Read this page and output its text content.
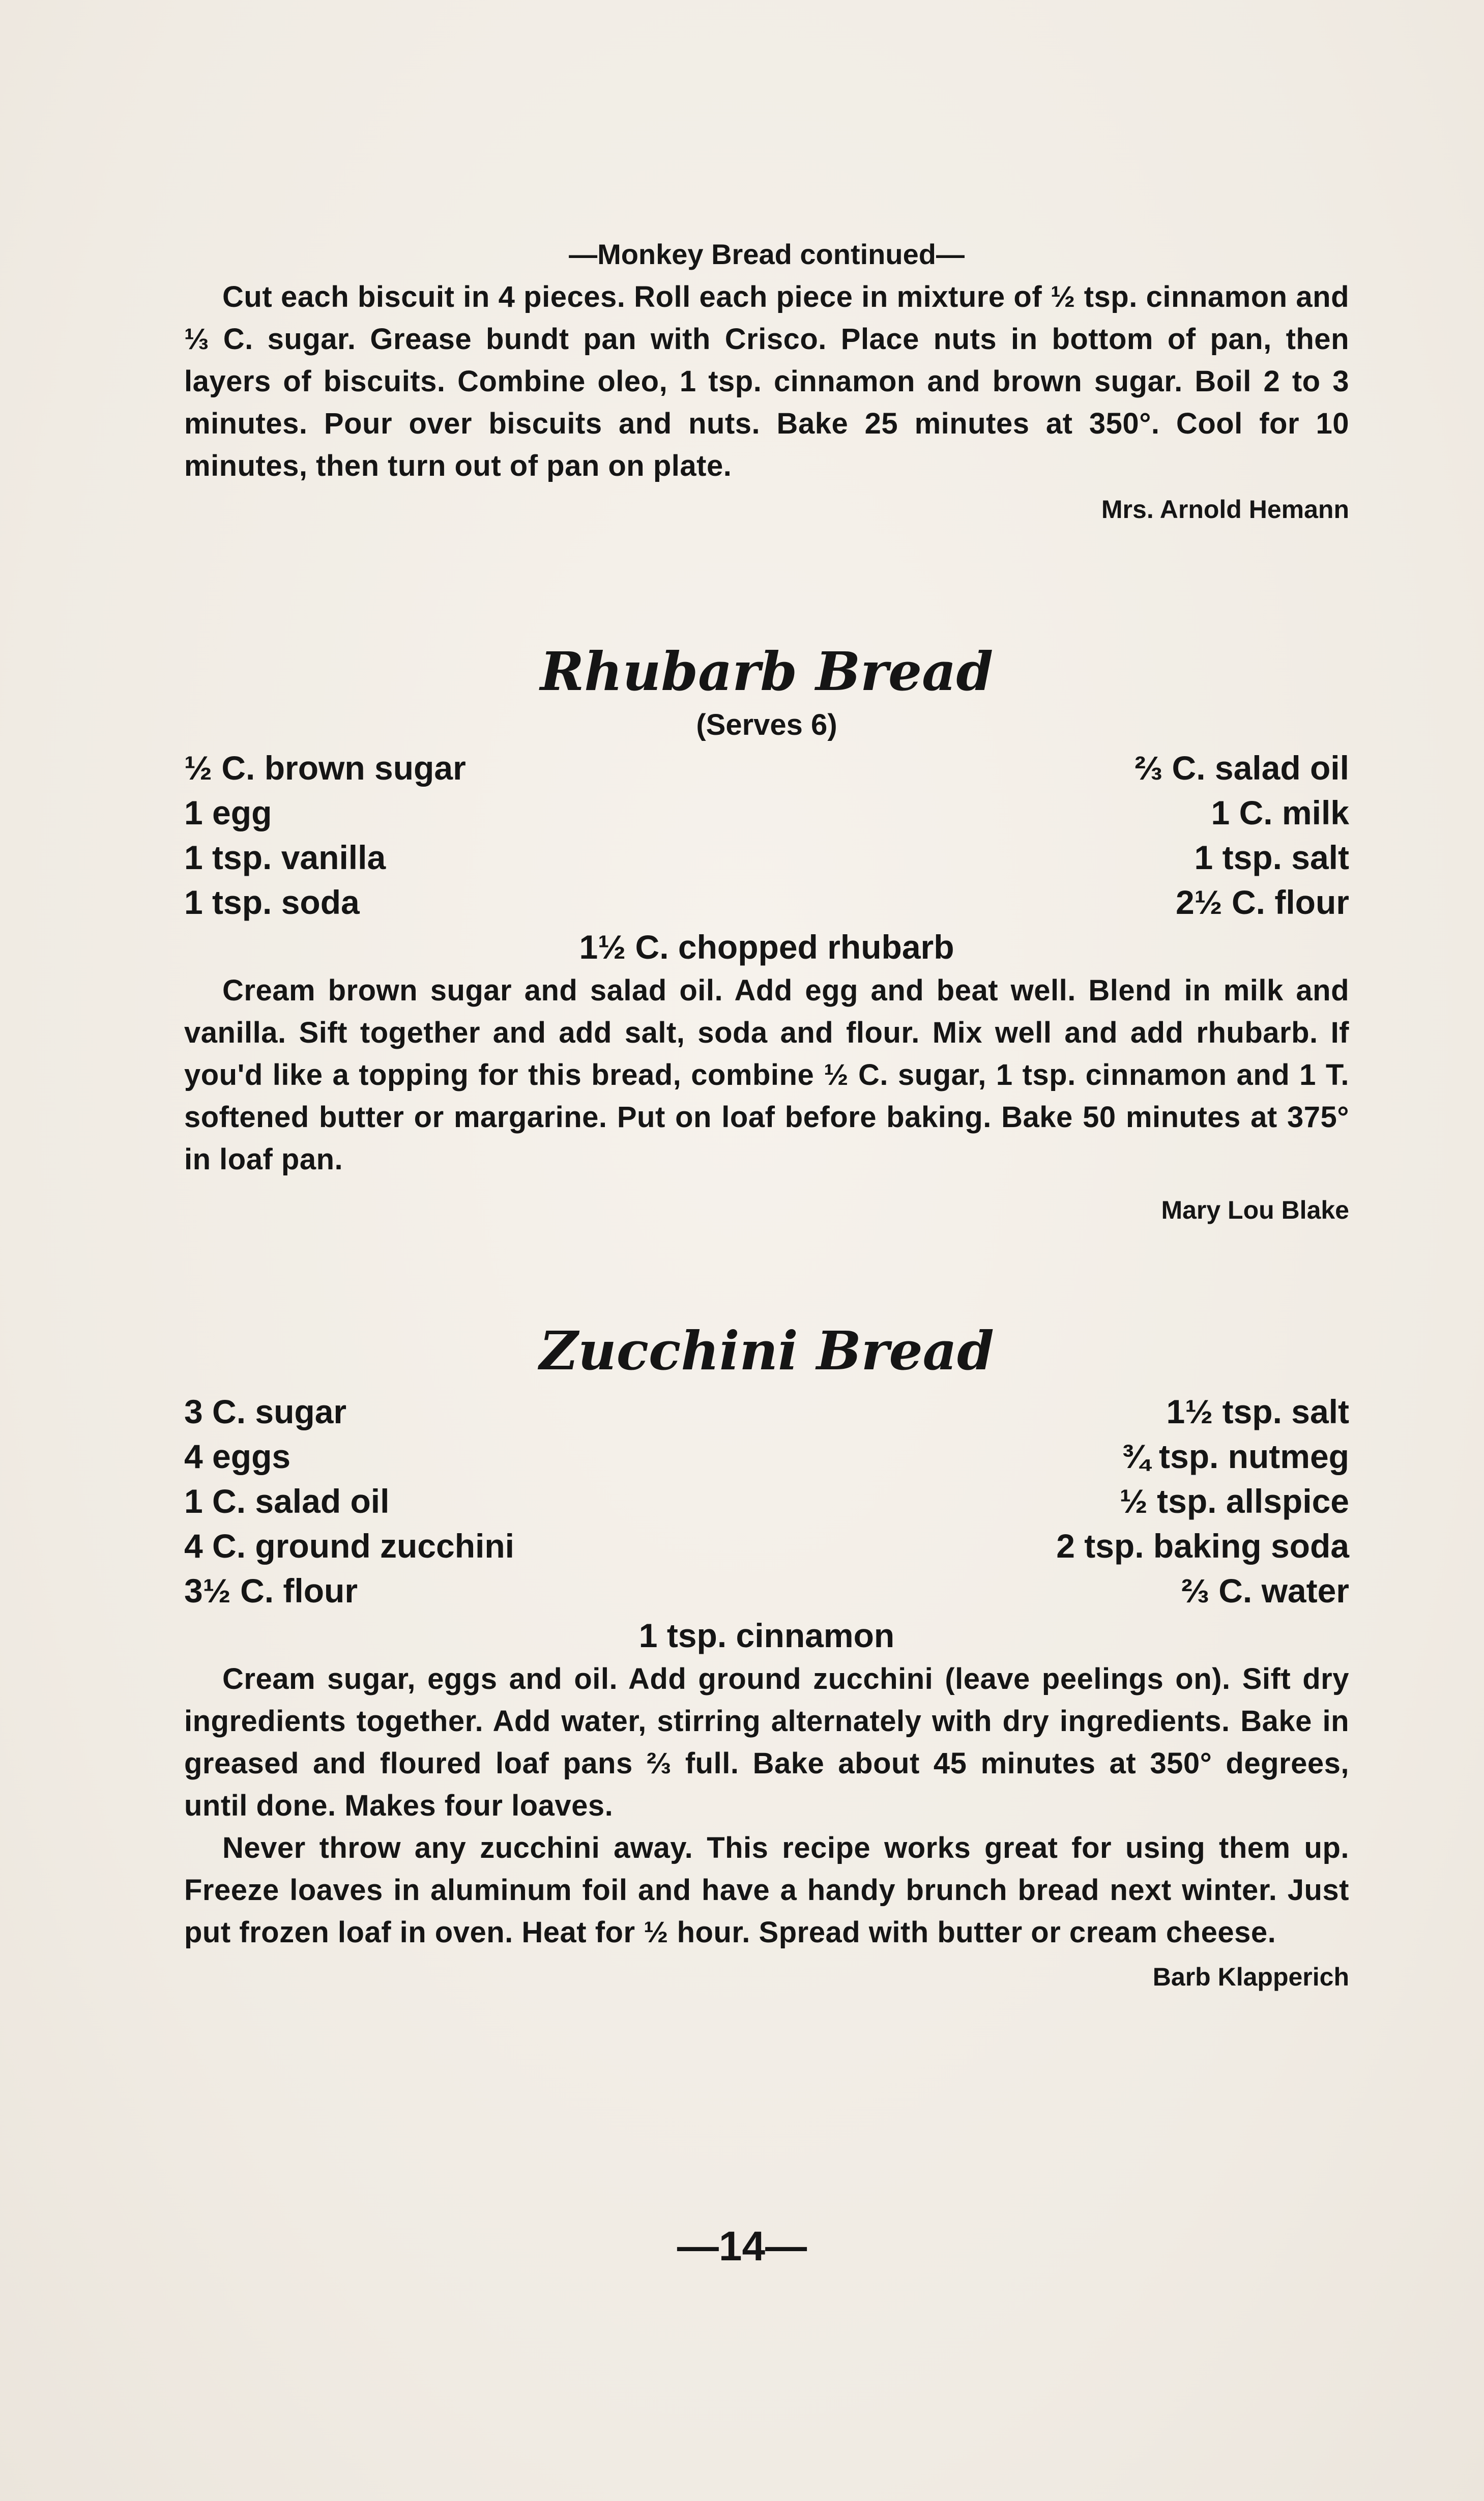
—Monkey Bread continued—

Cut each biscuit in 4 pieces. Roll each piece in mixture of ½ tsp. cinnamon and ⅓ C. sugar. Grease bundt pan with Crisco. Place nuts in bottom of pan, then layers of biscuits. Combine oleo, 1 tsp. cinnamon and brown sugar. Boil 2 to 3 minutes. Pour over biscuits and nuts. Bake 25 minutes at 350°. Cool for 10 minutes, then turn out of pan on plate.

Mrs. Arnold Hemann

Rhubarb Bread

(Serves 6)

½ C. brown sugar
1 egg
1 tsp. vanilla
1 tsp. soda
⅔ C. salad oil
1 C. milk
1 tsp. salt
2½ C. flour

1½ C. chopped rhubarb

Cream brown sugar and salad oil. Add egg and beat well. Blend in milk and vanilla. Sift together and add salt, soda and flour. Mix well and add rhubarb. If you'd like a topping for this bread, combine ½ C. sugar, 1 tsp. cinnamon and 1 T. softened butter or margarine. Put on loaf before baking. Bake 50 minutes at 375° in loaf pan.

Mary Lou Blake

Zucchini Bread

3 C. sugar
4 eggs
1 C. salad oil
4 C. ground zucchini
3½ C. flour
1½ tsp. salt
¾ tsp. nutmeg
½ tsp. allspice
2 tsp. baking soda
⅔ C. water

1 tsp. cinnamon

Cream sugar, eggs and oil. Add ground zucchini (leave peelings on). Sift dry ingredients together. Add water, stirring alternately with dry ingredients. Bake in greased and floured loaf pans ⅔ full. Bake about 45 minutes at 350° degrees, until done. Makes four loaves.

Never throw any zucchini away. This recipe works great for using them up. Freeze loaves in aluminum foil and have a handy brunch bread next winter. Just put frozen loaf in oven. Heat for ½ hour. Spread with butter or cream cheese.

Barb Klapperich

—14—
